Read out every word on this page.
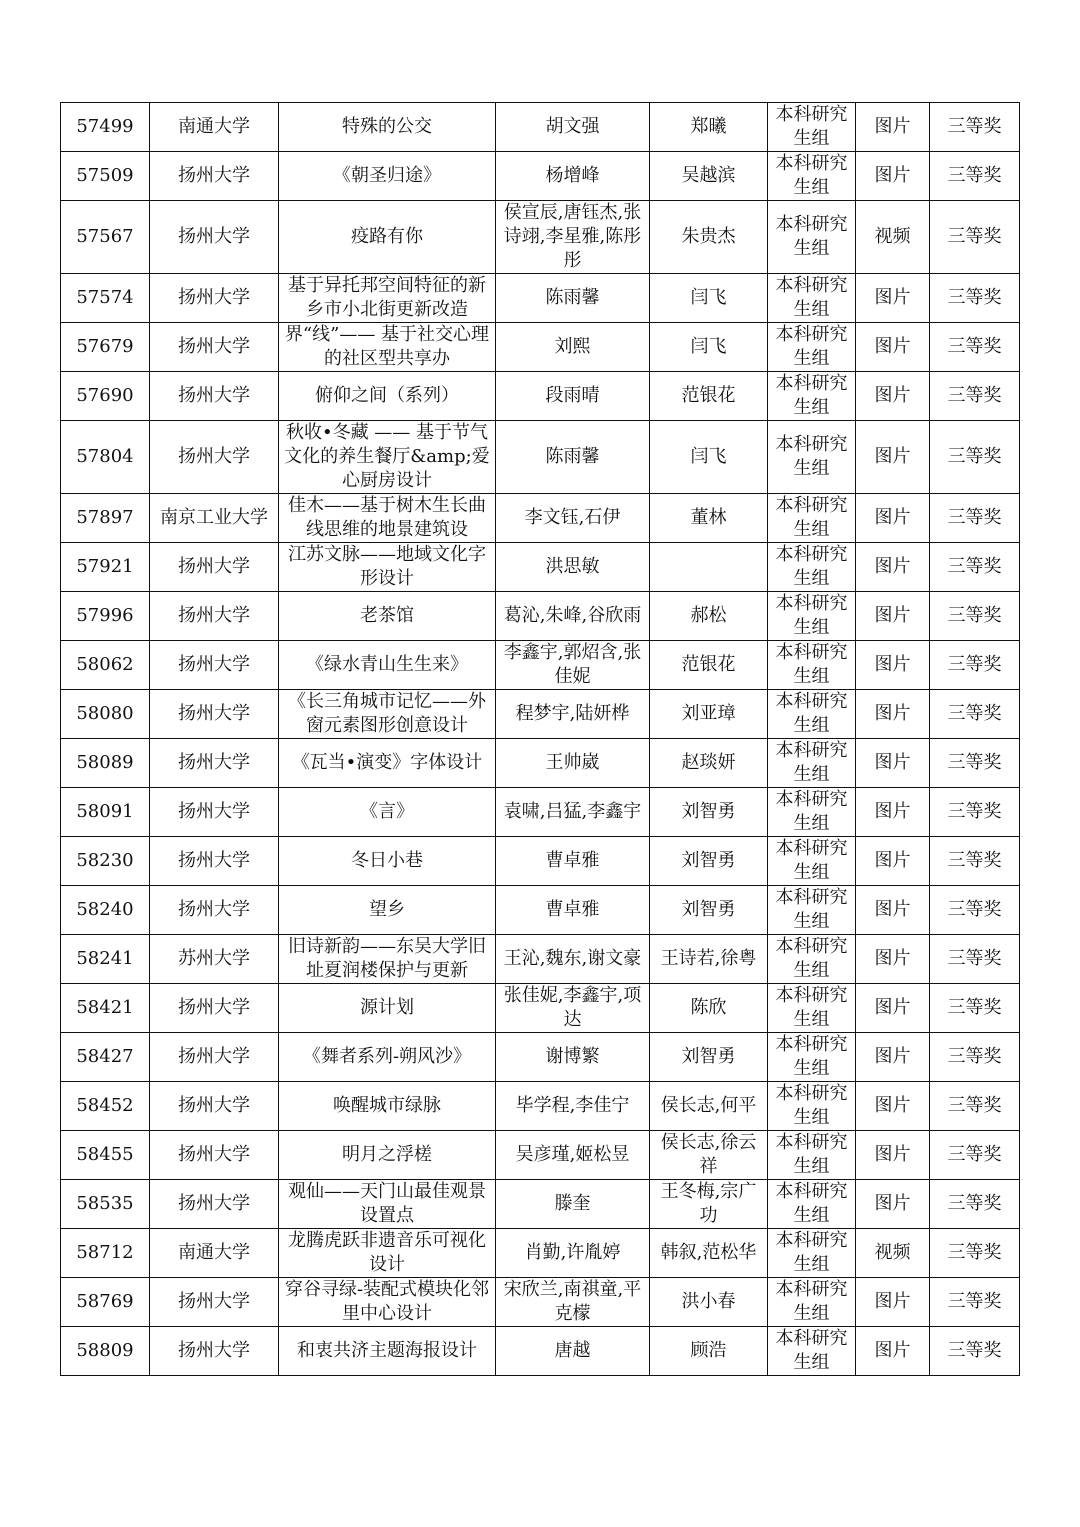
57499	南通大学	特殊的公交	胡文强	郑曦	本科研究生组	图片	三等奖
57509	扬州大学	《朝圣归途》	杨增峰	吴越滨	本科研究生组	图片	三等奖
57567	扬州大学	疫路有你	侯宣辰,唐钰杰,张诗翊,李星雅,陈彤彤	朱贵杰	本科研究生组	视频	三等奖
57574	扬州大学	基于异托邦空间特征的新乡市小北街更新改造	陈雨馨	闫飞	本科研究生组	图片	三等奖
57679	扬州大学	界“线”—— 基于社交心理的社区型共享办	刘熙	闫飞	本科研究生组	图片	三等奖
57690	扬州大学	俯仰之间（系列）	段雨晴	范银花	本科研究生组	图片	三等奖
57804	扬州大学	秋收•冬藏 —— 基于节气文化的养生餐厅&amp;爱心厨房设计	陈雨馨	闫飞	本科研究生组	图片	三等奖
57897	南京工业大学	佳木——基于树木生长曲线思维的地景建筑设	李文钰,石伊	董林	本科研究生组	图片	三等奖
57921	扬州大学	江苏文脉——地域文化字形设计	洪思敏		本科研究生组	图片	三等奖
57996	扬州大学	老茶馆	葛沁,朱峰,谷欣雨	郝松	本科研究生组	图片	三等奖
58062	扬州大学	《绿水青山生生来》	李鑫宇,郭炤含,张佳妮	范银花	本科研究生组	图片	三等奖
58080	扬州大学	《长三角城市记忆——外窗元素图形创意设计	程梦宇,陆妍桦	刘亚璋	本科研究生组	图片	三等奖
58089	扬州大学	《瓦当•演变》字体设计	王帅崴	赵琰妍	本科研究生组	图片	三等奖
58091	扬州大学	《言》	袁啸,吕猛,李鑫宇	刘智勇	本科研究生组	图片	三等奖
58230	扬州大学	冬日小巷	曹卓雅	刘智勇	本科研究生组	图片	三等奖
58240	扬州大学	望乡	曹卓雅	刘智勇	本科研究生组	图片	三等奖
58241	苏州大学	旧诗新韵——东吴大学旧址夏润楼保护与更新	王沁,魏东,谢文豪	王诗若,徐粤	本科研究生组	图片	三等奖
58421	扬州大学	源计划	张佳妮,李鑫宇,项达	陈欣	本科研究生组	图片	三等奖
58427	扬州大学	《舞者系列-朔风沙》	谢博繁	刘智勇	本科研究生组	图片	三等奖
58452	扬州大学	唤醒城市绿脉	毕学程,李佳宁	侯长志,何平	本科研究生组	图片	三等奖
58455	扬州大学	明月之浮槎	吴彦瑾,姬松昱	侯长志,徐云祥	本科研究生组	图片	三等奖
58535	扬州大学	观仙——天门山最佳观景设置点	滕奎	王冬梅,宗广功	本科研究生组	图片	三等奖
58712	南通大学	龙腾虎跃非遗音乐可视化设计	肖勤,许胤婷	韩叙,范松华	本科研究生组	视频	三等奖
58769	扬州大学	穿谷寻绿-装配式模块化邻里中心设计	宋欣兰,南祺童,平克檬	洪小春	本科研究生组	图片	三等奖
58809	扬州大学	和衷共济主题海报设计	唐越	顾浩	本科研究生组	图片	三等奖
